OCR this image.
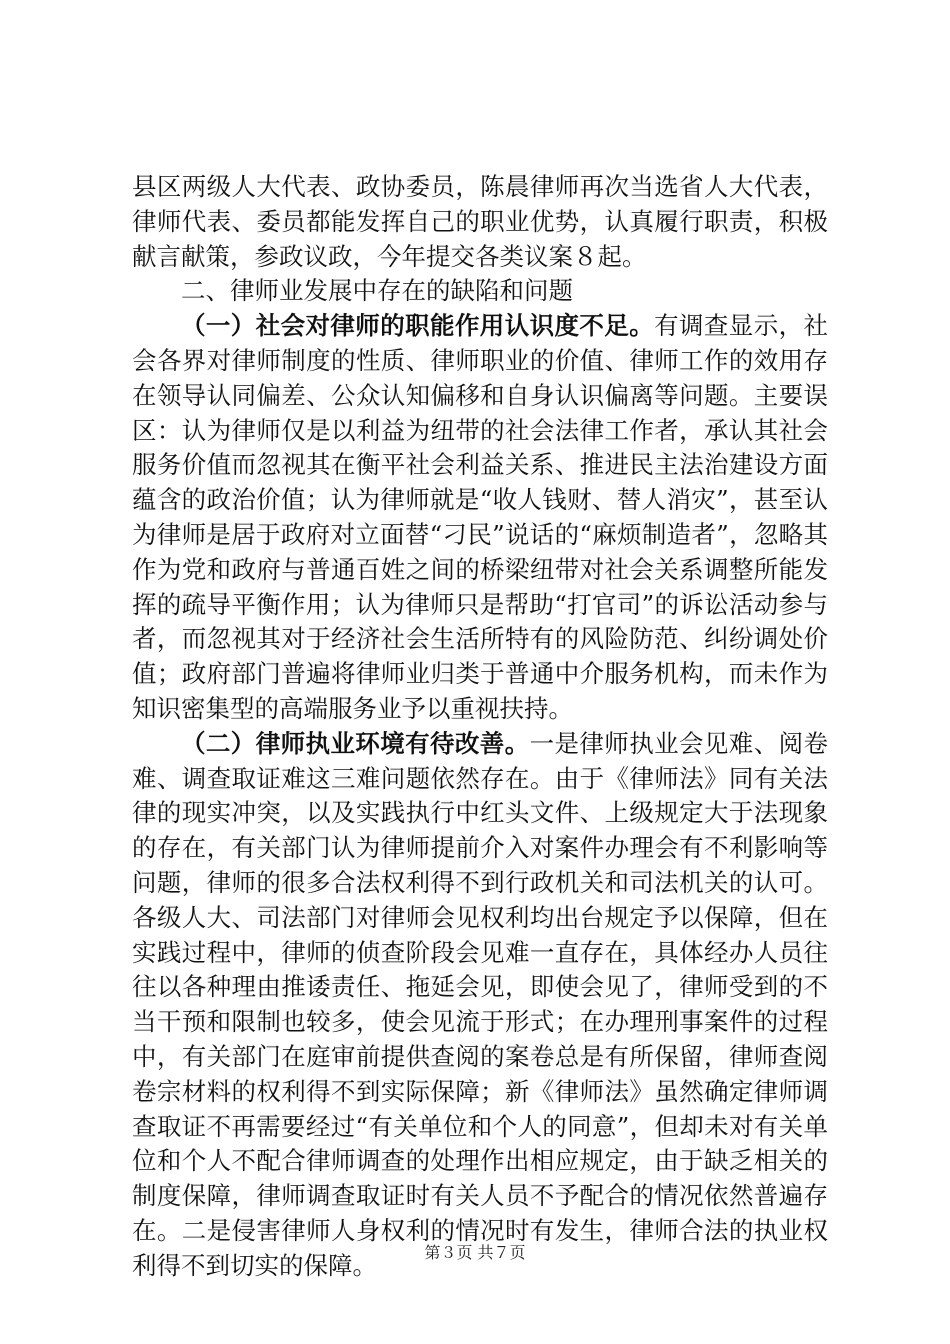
县区两级人大代表、政协委员，陈晨律师再次当选省人大代表，律师代表、委员都能发挥自己的职业优势，认真履行职责，积极献言献策，参政议政，今年提交各类议案８起。

二、律师业发展中存在的缺陷和问题

（一）社会对律师的职能作用认识度不足。有调查显示，社会各界对律师制度的性质、律师职业的价值、律师工作的效用存在领导认同偏差、公众认知偏移和自身认识偏离等问题。主要误区：认为律师仅是以利益为纽带的社会法律工作者，承认其社会服务价值而忽视其在衡平社会利益关系、推进民主法治建设方面蕴含的政治价值；认为律师就是“收人钱财、替人消灾”，甚至认为律师是居于政府对立面替“刁民”说话的“麻烦制造者”，忽略其作为党和政府与普通百姓之间的桥梁纽带对社会关系调整所能发挥的疏导平衡作用；认为律师只是帮助“打官司”的诉讼活动参与者，而忽视其对于经济社会生活所特有的风险防范、纠纷调处价值；政府部门普遍将律师业归类于普通中介服务机构，而未作为知识密集型的高端服务业予以重视扶持。

（二）律师执业环境有待改善。一是律师执业会见难、阅卷难、调查取证难这三难问题依然存在。由于《律师法》同有关法律的现实冲突，以及实践执行中红头文件、上级规定大于法现象的存在，有关部门认为律师提前介入对案件办理会有不利影响等问题，律师的很多合法权利得不到行政机关和司法机关的认可。各级人大、司法部门对律师会见权利均出台规定予以保障，但在实践过程中，律师的侦查阶段会见难一直存在，具体经办人员往往以各种理由推诿责任、拖延会见，即使会见了，律师受到的不当干预和限制也较多，使会见流于形式；在办理刑事案件的过程中，有关部门在庭审前提供查阅的案卷总是有所保留，律师查阅卷宗材料的权利得不到实际保障；新《律师法》虽然确定律师调查取证不再需要经过“有关单位和个人的同意”，但却未对有关单位和个人不配合律师调查的处理作出相应规定，由于缺乏相关的制度保障，律师调查取证时有关人员不予配合的情况依然普遍存在。二是侵害律师人身权利的情况时有发生，律师合法的执业权利得不到切实的保障。	第３页 共７页
